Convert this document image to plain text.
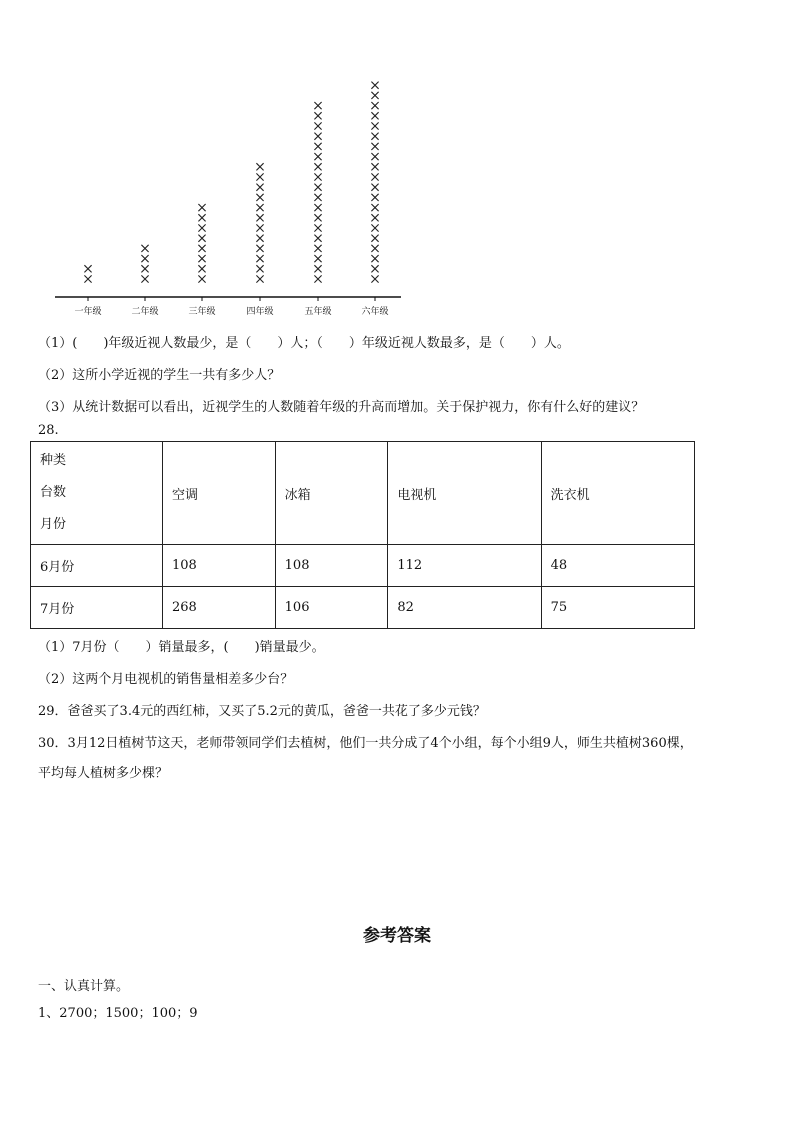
一年级	二年级	三年级	四年级	五年级	六年级
（1）(　　)年级近视人数最少，是（　　）人；（　　）年级近视人数最多，是（　　）人。
（2）这所小学近视的学生一共有多少人？
（3）从统计数据可以看出，近视学生的人数随着年级的升高而增加。关于保护视力，你有什么好的建议？
28.
种类
台数
月份	空调	冰箱	电视机	洗衣机
6月份	108	108	112	48
7月份	268	106	82	75
（1）7月份（　　）销量最多，(　　)销量最少。
（2）这两个月电视机的销售量相差多少台？
29．爸爸买了3.4元的西红柿，又买了5.2元的黄瓜，爸爸一共花了多少元钱？
30．3月12日植树节这天，老师带领同学们去植树，他们一共分成了4个小组，每个小组9人，师生共植树360棵，
平均每人植树多少棵？
参考答案
一、认真计算。
1、2700；1500；100；9
